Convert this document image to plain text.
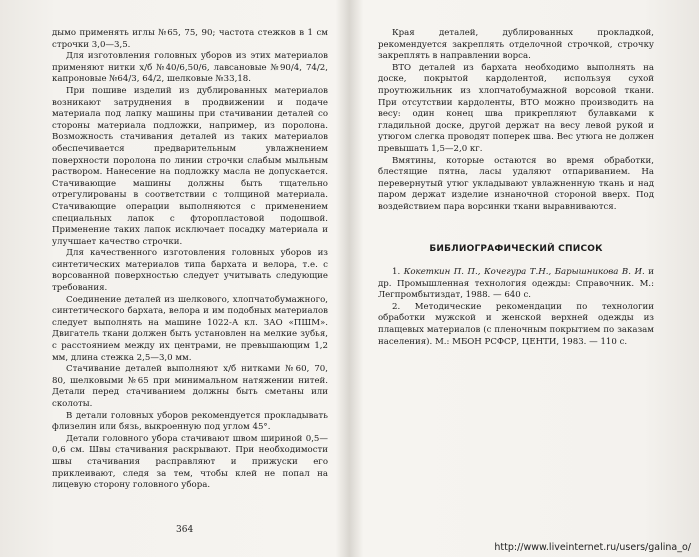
дымо применять иглы №65, 75, 90; частота стежков в 1 см строчки 3,0—3,5.

Для изготовления головных уборов из этих материалов применяют нитки х/б №40/6,50/6, лавсановые №90/4, 74/2, капроновые №64/3, 64/2, шелковые №33,18.

При пошиве изделий из дублированных материалов возникают затруднения в продвижении и подаче материала под лапку машины при стачивании деталей со стороны материала подложки, например, из поролона. Возможность стачивания деталей из таких материалов обеспечивается предварительным увлажнением поверхности поролона по линии строчки слабым мыльным раствором. Нанесение на подложку масла не допускается. Стачивающие машины должны быть тщательно отрегулированы в соответствии с толщиной материала. Стачивающие операции выполняются с применением специальных лапок с фторопластовой подошвой. Применение таких лапок исключает посадку материала и улучшает качество строчки.

Для качественного изготовления головных уборов из синтетических материалов типа бархата и велора, т.е. с ворсованной поверхностью следует учитывать следующие требования.

Соединение деталей из шелкового, хлопчатобумажного, синтетического бархата, велора и им подобных материалов следует выполнять на машине 1022-А кл. ЗАО «ПШМ». Двигатель ткани должен быть установлен на мелкие зубья, с расстоянием между их центрами, не превышающим 1,2 мм, длина стежка 2,5—3,0 мм.

Стачивание деталей выполняют х/б нитками №60, 70, 80, шелковыми №65 при минимальном натяжении нитей. Детали перед стачиванием должны быть сметаны или сколоты.

В детали головных уборов рекомендуется прокладывать флизелин или бязь, выкроенную под углом 45°.

Детали головного убора стачивают швом шириной 0,5—0,6 см. Швы стачивания раскрывают. При необходимости швы стачивания расправляют и прижуски его приклеивают, следя за тем, чтобы клей не попал на лицевую сторону головного убора.

364

Края деталей, дублированных прокладкой, рекомендуется закреплять отделочной строчкой, строчку закреплять в направлении ворса.

ВТО деталей из бархата необходимо выполнять на доске, покрытой кардолентой, используя сухой проутюжильник из хлопчатобумажной ворсовой ткани. При отсутствии кардоленты, ВТО можно производить на весу: один конец шва прикрепляют булавками к гладильной доске, другой держат на весу левой рукой и утюгом слегка проводят поперек шва. Вес утюга не должен превышать 1,5—2,0 кг.

Вмятины, которые остаются во время обработки, блестящие пятна, ласы удаляют отпариванием. На перевернутый утюг укладывают увлажненную ткань и над паром держат изделие изнаночной стороной вверх. Под воздействием пара ворсинки ткани выравниваются.

БИБЛИОГРАФИЧЕСКИЙ СПИСОК

1. Кокеткин П. П., Кочегура Т.Н., Барышникова В. И. и др. Промышленная технология одежды: Справочник. М.: Легпромбытиздат, 1988. — 640 с.

2. Методические рекомендации по технологии обработки мужской и женской верхней одежды из плащевых материалов (с пленочным покрытием по заказам населения). М.: МБОН РСФСР, ЦЕНТИ, 1983. — 110 с.

http://www.liveinternet.ru/users/galina_o/
